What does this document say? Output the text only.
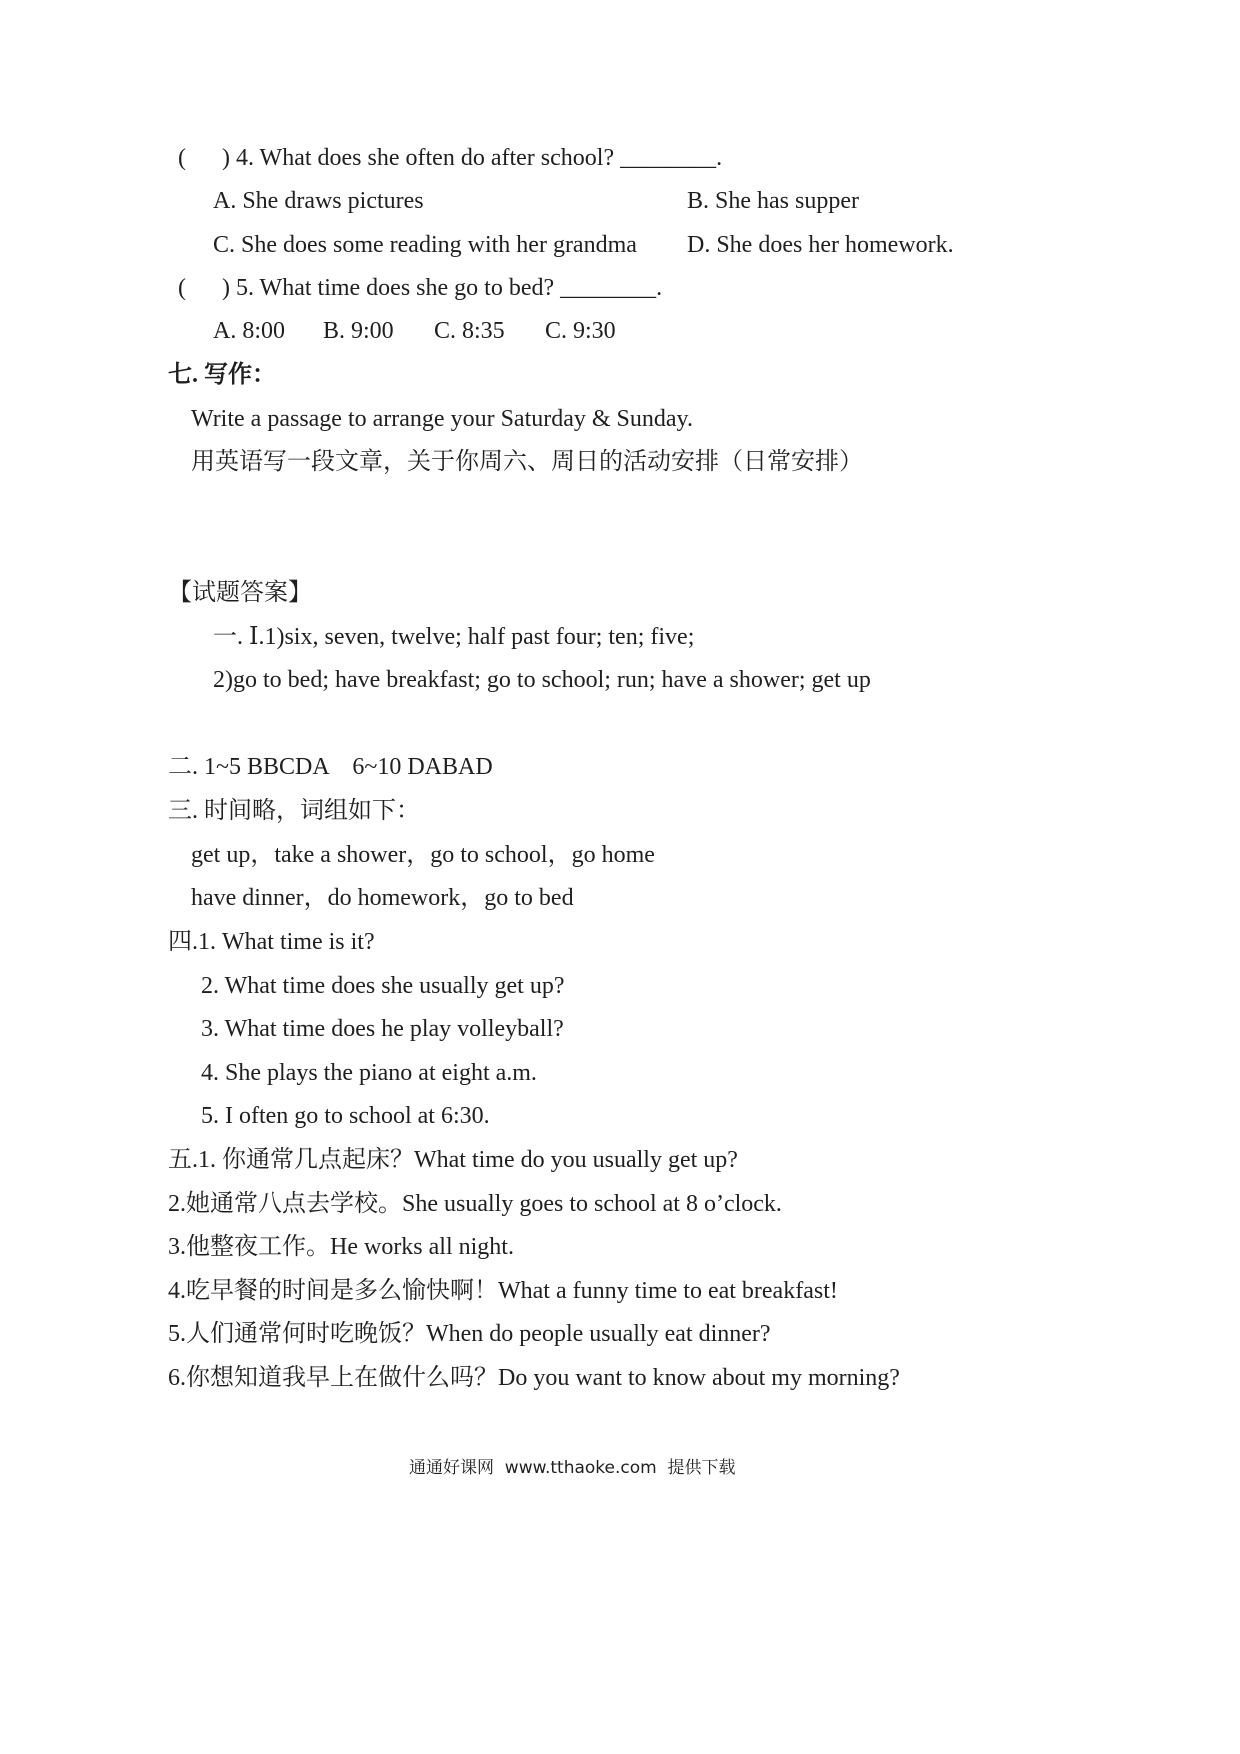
(      ) 4. What does she often do after school? ________.

A. She draws pictures	B. She has supper

C. She does some reading with her grandma D. She does her homework.

(      ) 5. What time does she go to bed? ________.

A. 8:00 B. 9:00 C. 8:35 C. 9:30

七. 写作：

Write a passage to arrange your Saturday & Sunday.

用英语写一段文章，关于你周六、周日的活动安排（日常安排）

【试题答案】

一. Ⅰ.1)six, seven, twelve; half past four; ten; five;

2)go to bed; have breakfast; go to school; run; have a shower; get up

二. 1~5 BBCDA    6~10 DABAD

三. 时间略，词组如下：

get up，take a shower，go to school，go home

have dinner，do homework，go to bed

四.1. What time is it?

2. What time does she usually get up?

3. What time does he play volleyball?

4. She plays the piano at eight a.m.

5. I often go to school at 6:30.

五.1. 你通常几点起床？What time do you usually get up?

2.她通常八点去学校。She usually goes to school at 8 o’clock.

3.他整夜工作。He works all night.

4.吃早餐的时间是多么愉快啊！What a funny time to eat breakfast!

5.人们通常何时吃晚饭？When do people usually eat dinner?

6.你想知道我早上在做什么吗？Do you want to know about my morning?

通通好课网  www.tthaoke.com  提供下载
